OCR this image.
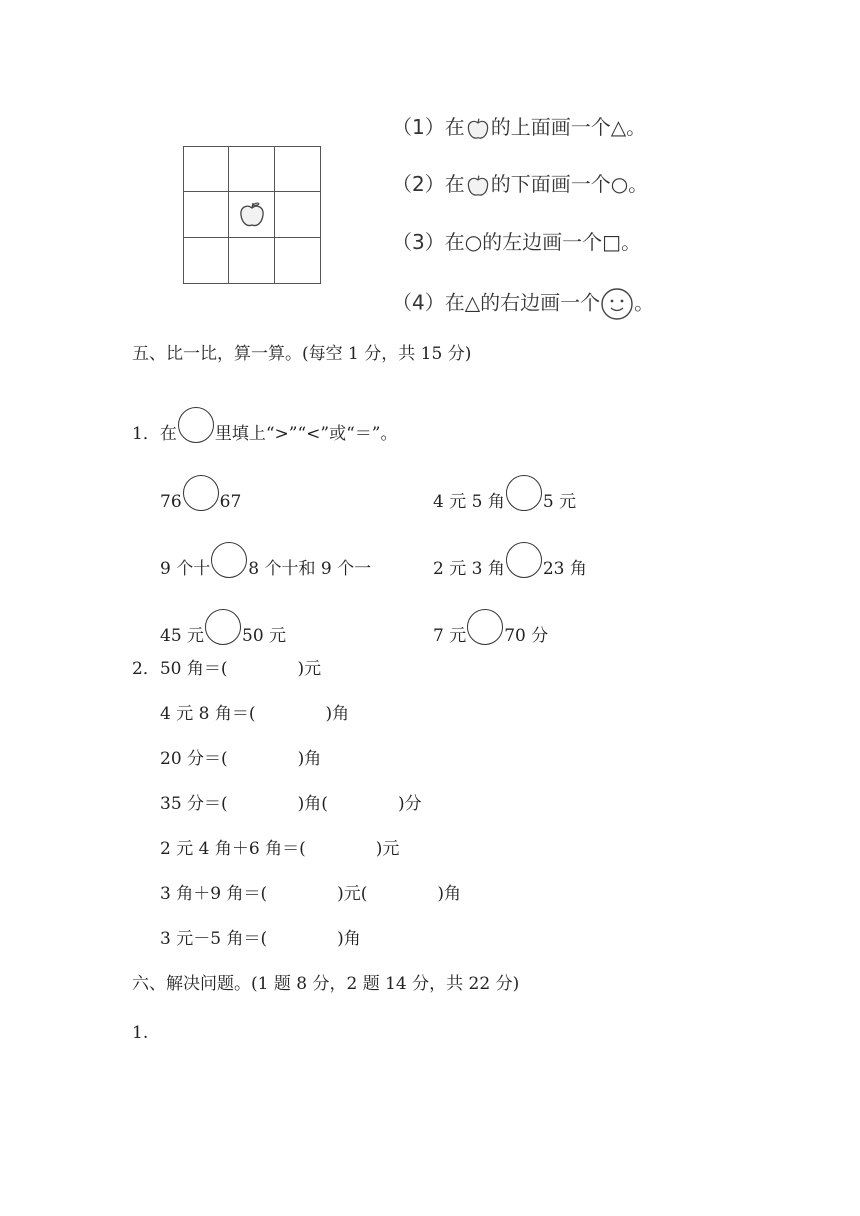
（1）在 的上面画一个△。
（2）在 的下面画一个○。
（3）在○的左边画一个□。
（4）在△的右边画一个 。
五、比一比，算一算。(每空 1 分，共 15 分)
1．在 里填上“>”“<”或“＝”。
76 67	4 元 5 角 5 元
9 个十 8 个十和 9 个一	2 元 3 角 23 角
45 元 50 元	7 元 70 分
2．50 角＝(	)元
4 元 8 角＝(	)角
20 分＝(	)角
35 分＝(	)角(	)分
2 元 4 角＋6 角＝(	)元
3 角＋9 角＝(	)元(	)角
3 元－5 角＝(	)角
六、解决问题。(1 题 8 分，2 题 14 分，共 22 分)
1.
